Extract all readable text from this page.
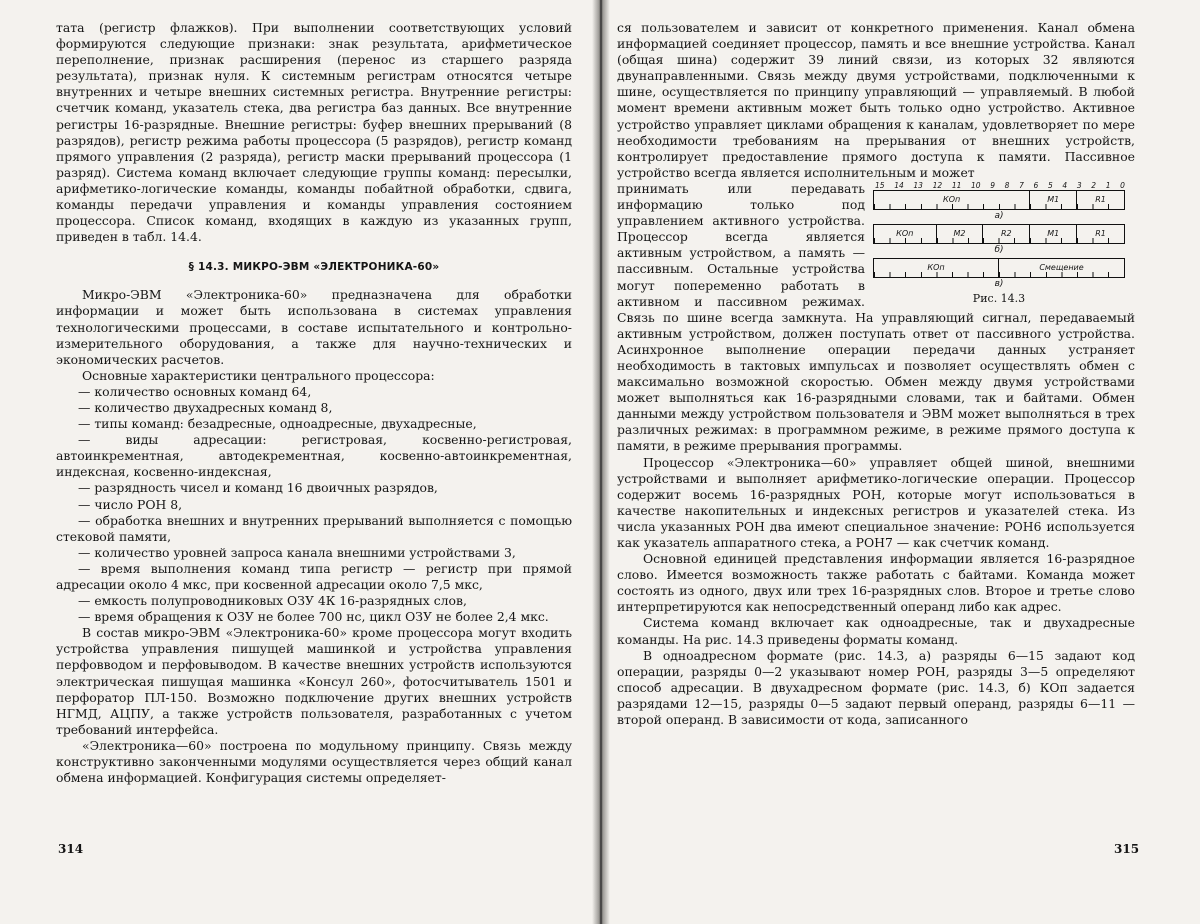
тата (регистр флажков). При выполнении соответствующих условий формируются следующие признаки: знак результата, арифметическое переполнение, признак расширения (перенос из старшего разряда результата), признак нуля. К системным регистрам относятся четыре внутренних и четыре внешних системных регистра. Внутренние регистры: счетчик команд, указатель стека, два регистра баз данных. Все внутренние регистры 16-разрядные. Внешние регистры: буфер внешних прерываний (8 разрядов), регистр режима работы процессора (5 разрядов), регистр команд прямого управления (2 разряда), регистр маски прерываний процессора (1 разряд). Система команд включает следующие группы команд: пересылки, арифметико-логические команды, команды побайтной обработки, сдвига, команды передачи управления и команды управления состоянием процессора. Список команд, входящих в каждую из указанных групп, приведен в табл. 14.4.

§ 14.3. МИКРО-ЭВМ «ЭЛЕКТРОНИКА-60»

Микро-ЭВМ «Электроника-60» предназначена для обработки информации и может быть использована в системах управления технологическими процессами, в составе испытательного и контрольно-измерительного оборудования, а также для научно-технических и экономических расчетов.

Основные характеристики центрального процессора:

— количество основных команд 64,

— количество двухадресных команд 8,

— типы команд: безадресные, одноадресные, двухадресные,

— виды адресации: регистровая, косвенно-регистровая, автоинкрементная, автодекрементная, косвенно-автоинкрементная, индексная, косвенно-индексная,

— разрядность чисел и команд 16 двоичных разрядов,

— число РОН 8,

— обработка внешних и внутренних прерываний выполняется с помощью стековой памяти,

— количество уровней запроса канала внешними устройствами 3,

— время выполнения команд типа регистр — регистр при прямой адресации около 4 мкс, при косвенной адресации около 7,5 мкс,

— емкость полупроводниковых ОЗУ 4К 16-разрядных слов,

— время обращения к ОЗУ не более 700 нс, цикл ОЗУ не более 2,4 мкс.

В состав микро-ЭВМ «Электроника-60» кроме процессора могут входить устройства управления пишущей машинкой и устройства управления перфовводом и перфовыводом. В качестве внешних устройств используются электрическая пишущая машинка «Консул 260», фотосчитыватель 1501 и перфоратор ПЛ-150. Возможно подключение других внешних устройств НГМД, АЦПУ, а также устройств пользователя, разработанных с учетом требований интерфейса.

«Электроника—60» построена по модульному принципу. Связь между конструктивно законченными модулями осуществляется через общий канал обмена информацией. Конфигурация системы определяет-

314

ся пользователем и зависит от конкретного применения. Канал обмена информацией соединяет процессор, память и все внешние устройства. Канал (общая шина) содержит 39 линий связи, из которых 32 являются двунаправленными. Связь между двумя устройствами, подключенными к шине, осуществляется по принципу управляющий — управляемый. В любой момент времени активным может быть только одно устройство. Активное устройство управляет циклами обращения к каналам, удовлетворяет по мере необходимости требованиям на прерывания от внешних устройств, контролирует предоставление прямого доступа к памяти. Пассивное устройство всегда является исполнительным и может

15 14 13 12 11 10 9 8 7 6 5 4 3 2 1 0
КОп	M1	R1
а)
КОп	M2	R2	M1	R1
б)
КОп	Смещение
в)
Рис. 14.3

принимать или передавать информацию только под управлением активного устройства. Процессор всегда является активным устройством, а память — пассивным. Остальные устройства могут попеременно работать в активном и пассивном режимах. Связь по шине всегда замкнута. На управляющий сигнал, передаваемый активным устройством, должен поступать ответ от пассивного устройства. Асинхронное выполнение операции передачи данных устраняет необходимость в тактовых импульсах и позволяет осуществлять обмен с максимально возможной скоростью. Обмен между двумя устройствами может выполняться как 16-разрядными словами, так и байтами. Обмен данными между устройством пользователя и ЭВМ может выполняться в трех различных режимах: в программном режиме, в режиме прямого доступа к памяти, в режиме прерывания программы.

Процессор «Электроника—60» управляет общей шиной, внешними устройствами и выполняет арифметико-логические операции. Процессор содержит восемь 16-разрядных РОН, которые могут использоваться в качестве накопительных и индексных регистров и указателей стека. Из числа указанных РОН два имеют специальное значение: РОН6 используется как указатель аппаратного стека, а РОН7 — как счетчик команд.

Основной единицей представления информации является 16-разрядное слово. Имеется возможность также работать с байтами. Команда может состоять из одного, двух или трех 16-разрядных слов. Второе и третье слово интерпретируются как непосредственный операнд либо как адрес.

Система команд включает как одноадресные, так и двухадресные команды. На рис. 14.3 приведены форматы команд.

В одноадресном формате (рис. 14.3, а) разряды 6—15 задают код операции, разряды 0—2 указывают номер РОН, разряды 3—5 определяют способ адресации. В двухадресном формате (рис. 14.3, б) КОп задается разрядами 12—15, разряды 0—5 задают первый операнд, разряды 6—11 — второй операнд. В зависимости от кода, записанного

315
